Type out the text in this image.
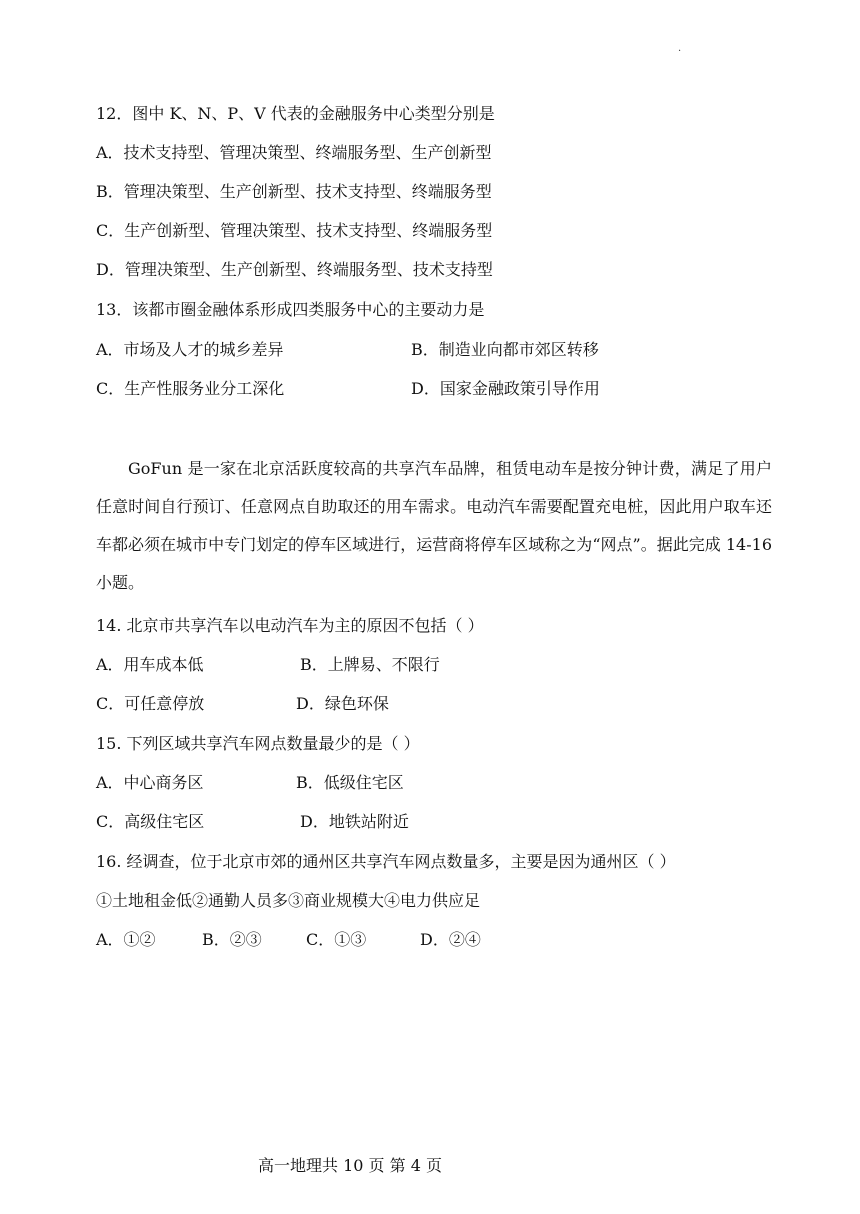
·
12．图中 K、N、P、V 代表的金融服务中心类型分别是
A．技术支持型、管理决策型、终端服务型、生产创新型
B．管理决策型、生产创新型、技术支持型、终端服务型
C．生产创新型、管理决策型、技术支持型、终端服务型
D．管理决策型、生产创新型、终端服务型、技术支持型
13．该都市圈金融体系形成四类服务中心的主要动力是
A．市场及人才的城乡差异	B．制造业向都市郊区转移
C．生产性服务业分工深化	D．国家金融政策引导作用

GoFun 是一家在北京活跃度较高的共享汽车品牌，租赁电动车是按分钟计费，满足了用户任意时间自行预订、任意网点自助取还的用车需求。电动汽车需要配置充电桩，因此用户取车还车都必须在城市中专门划定的停车区域进行，运营商将停车区域称之为“网点”。据此完成 14-16 小题。

14. 北京市共享汽车以电动汽车为主的原因不包括（ ）
A．用车成本低	B．上牌易、不限行
C．可任意停放	D．绿色环保
15. 下列区域共享汽车网点数量最少的是（ ）
A．中心商务区	B．低级住宅区
C．高级住宅区	D．地铁站附近
16. 经调查，位于北京市郊的通州区共享汽车网点数量多，主要是因为通州区（ ）
①土地租金低②通勤人员多③商业规模大④电力供应足
A．①②	B．②③	C．①③	D．②④
高一地理共 10 页 第 4 页
